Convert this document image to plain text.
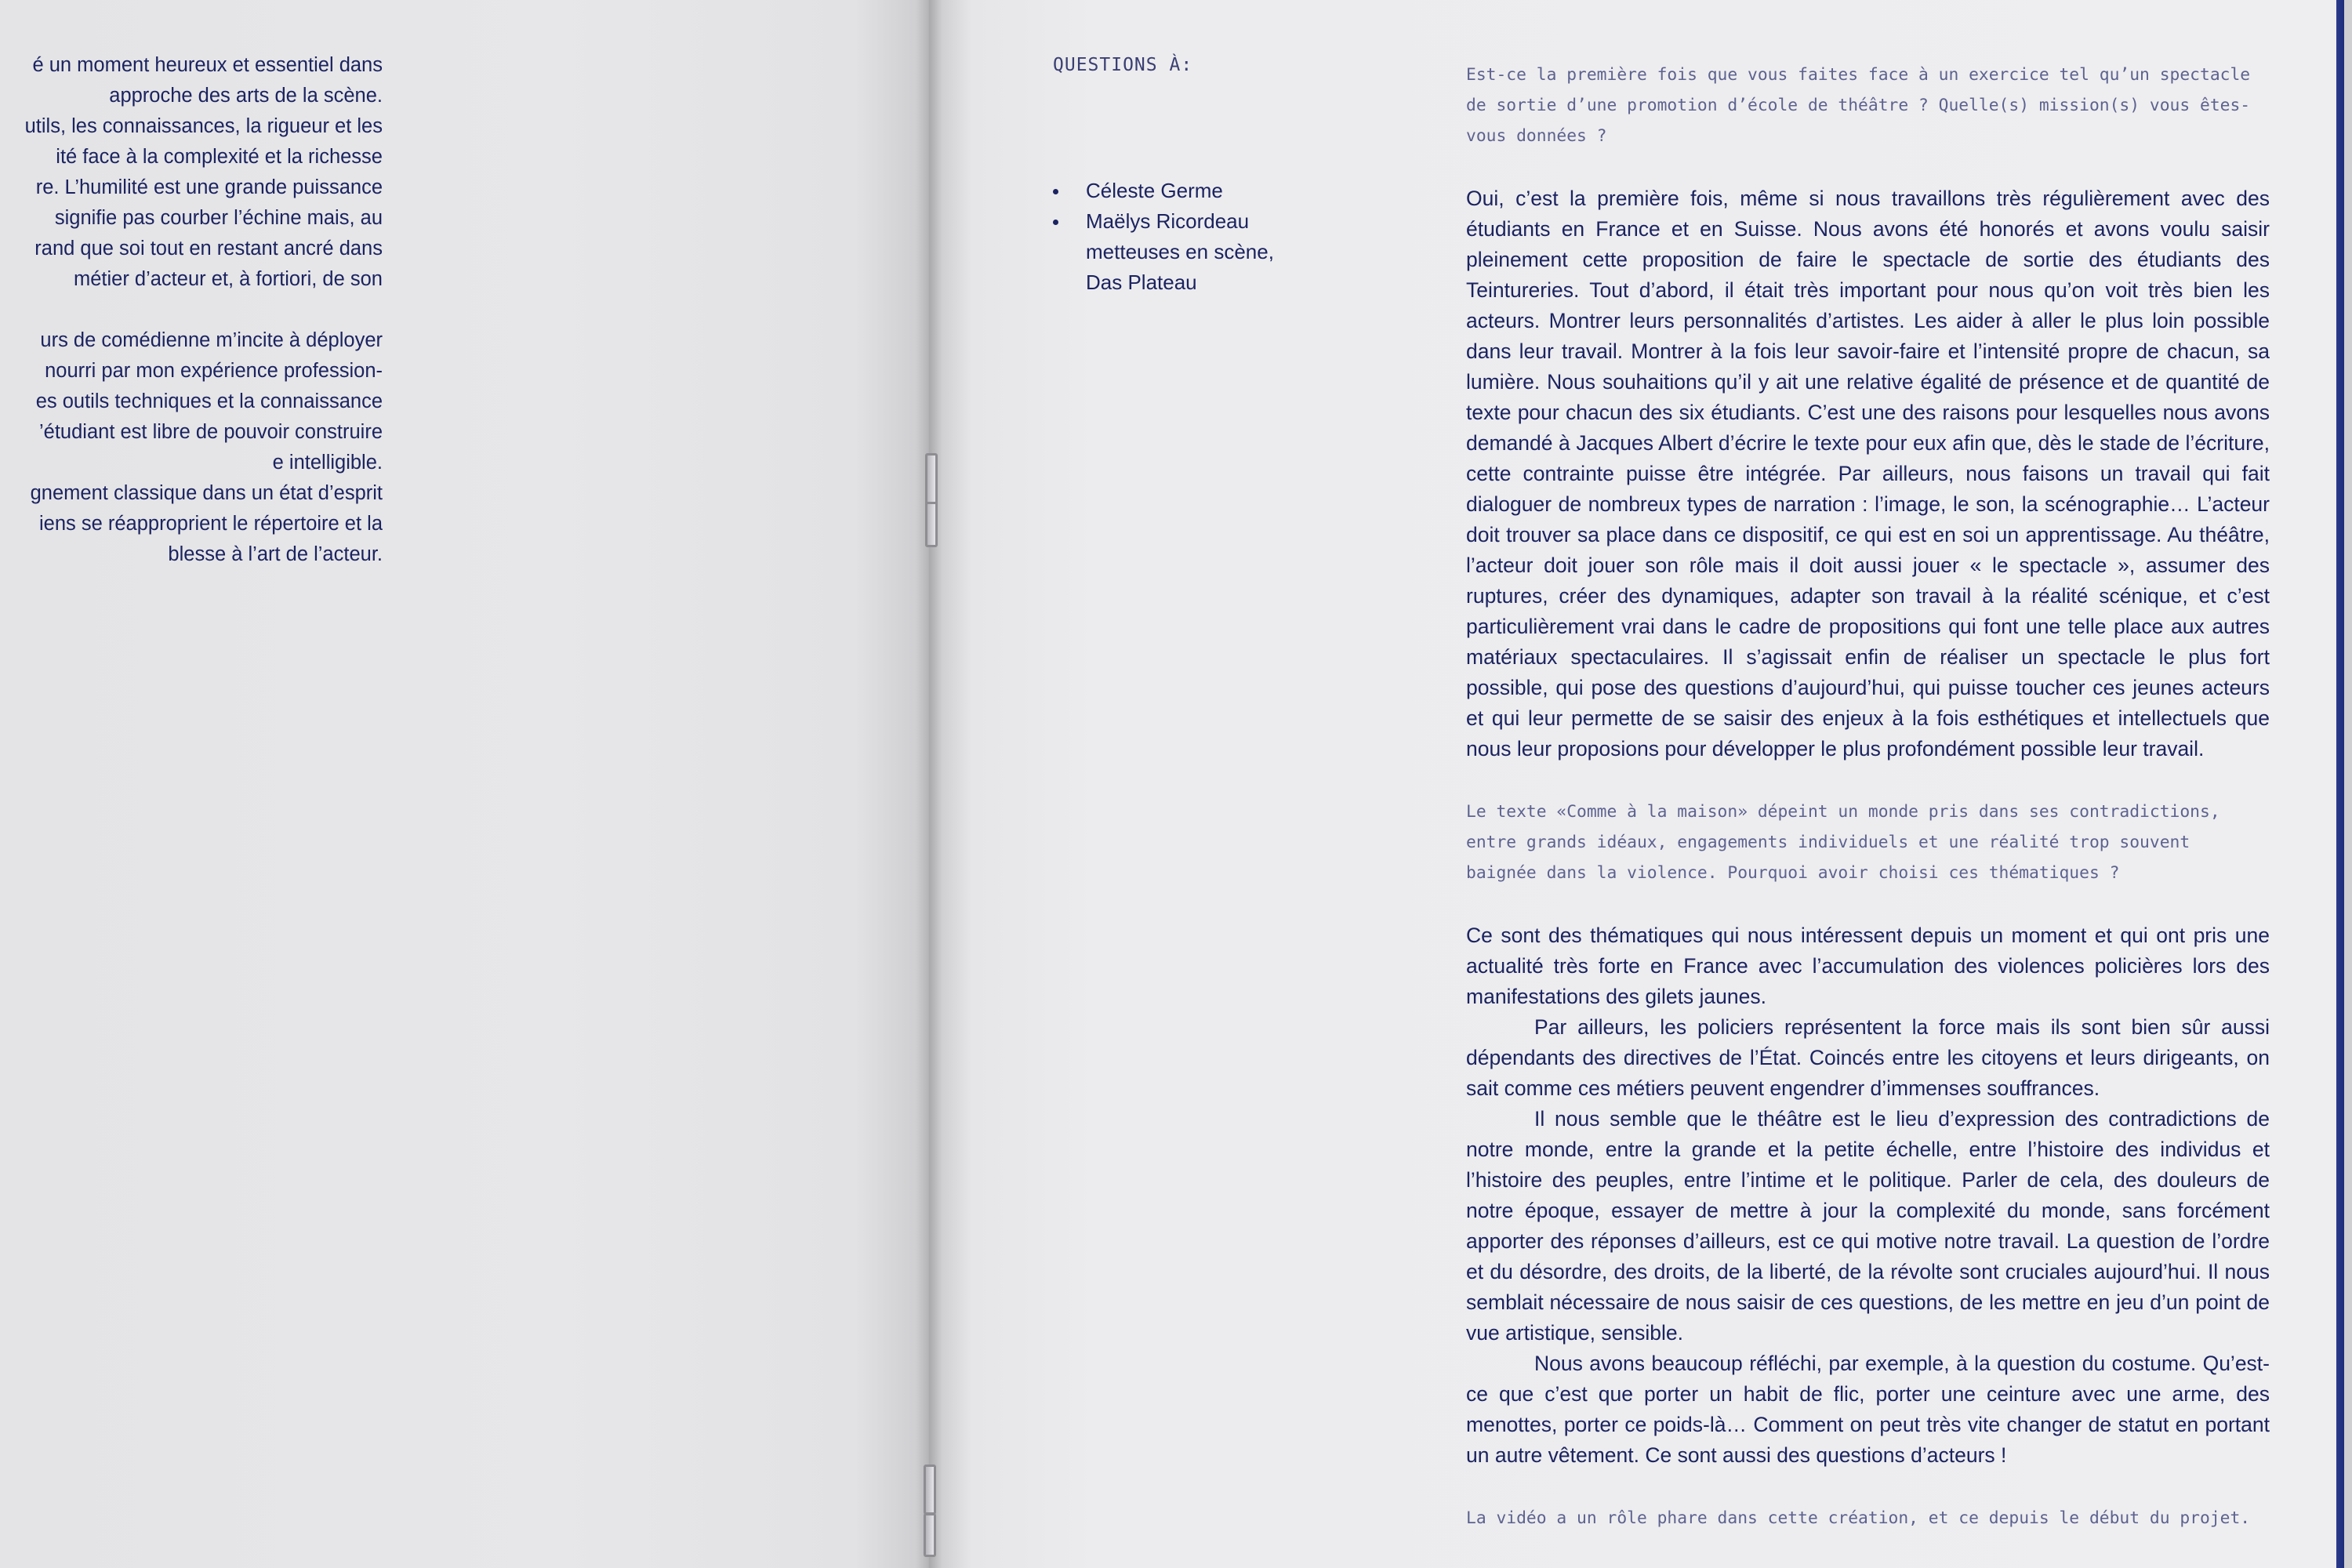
é un moment heureux et essentiel dans
approche des arts de la scène.
utils, les connaissances, la rigueur et les
ité face à la complexité et la richesse
re. L’humilité est une grande puissance
signifie pas courber l’échine mais, au
rand que soi tout en restant ancré dans
métier d’acteur et, à fortiori, de son
urs de comédienne m’incite à déployer
nourri par mon expérience profession-
es outils techniques et la connaissance
’étudiant est libre de pouvoir construire
e intelligible.
gnement classique dans un état d’esprit
iens se réapproprient le répertoire et la
blesse à l’art de l’acteur.
QUESTIONS À:
Céleste Germe
Maëlys Ricordeau
metteuses en scène,
Das Plateau

Est-ce la première fois que vous faites face à un exercice tel qu’un spectacle de sortie d’une promotion d’école de théâtre ? Quelle(s) mission(s) vous êtes-vous données ?

Oui, c’est la première fois, même si nous travaillons très régulièrement avec des étudiants en France et en Suisse. Nous avons été honorés et avons voulu saisir pleinement cette proposition de faire le spectacle de sortie des étudiants des Teintureries. Tout d’abord, il était très important pour nous qu’on voit très bien les acteurs. Montrer leurs personnalités d’artistes. Les aider à aller le plus loin possible dans leur travail. Montrer à la fois leur savoir-faire et l’intensité propre de chacun, sa lumière. Nous souhaitions qu’il y ait une relative égalité de présence et de quantité de texte pour chacun des six étudiants. C’est une des raisons pour lesquelles nous avons demandé à Jacques Albert d’écrire le texte pour eux afin que, dès le stade de l’écriture, cette contrainte puisse être intégrée. Par ailleurs, nous faisons un travail qui fait dialoguer de nombreux types de narration : l’image, le son, la scénographie… L’acteur doit trouver sa place dans ce dispositif, ce qui est en soi un apprentissage. Au théâtre, l’acteur doit jouer son rôle mais il doit aussi jouer « le spectacle », assumer des ruptures, créer des dynamiques, adapter son travail à la réalité scénique, et c’est particulièrement vrai dans le cadre de propositions qui font une telle place aux autres matériaux spectaculaires. Il s’agissait enfin de réaliser un spectacle le plus fort possible, qui pose des questions d’aujourd’hui, qui puisse toucher ces jeunes acteurs et qui leur permette de se saisir des enjeux à la fois esthétiques et intellectuels que nous leur proposions pour développer le plus profondément possible leur travail.

Le texte «Comme à la maison» dépeint un monde pris dans ses contradictions, entre grands idéaux, engagements individuels et une réalité trop souvent baignée dans la violence. Pourquoi avoir choisi ces thématiques ?

Ce sont des thématiques qui nous intéressent depuis un moment et qui ont pris une actualité très forte en France avec l’accumulation des violences policières lors des manifestations des gilets jaunes.

Par ailleurs, les policiers représentent la force mais ils sont bien sûr aussi dépendants des directives de l’État. Coincés entre les citoyens et leurs dirigeants, on sait comme ces métiers peuvent engendrer d’immenses souffrances.

Il nous semble que le théâtre est le lieu d’expression des contradictions de notre monde, entre la grande et la petite échelle, entre l’histoire des individus et l’histoire des peuples, entre l’intime et le politique. Parler de cela, des douleurs de notre époque, essayer de mettre à jour la complexité du monde, sans forcément apporter des réponses d’ailleurs, est ce qui motive notre travail. La question de l’ordre et du désordre, des droits, de la liberté, de la révolte sont cruciales aujourd’hui. Il nous semblait nécessaire de nous saisir de ces questions, de les mettre en jeu d’un point de vue artistique, sensible.

Nous avons beaucoup réfléchi, par exemple, à la question du costume. Qu’est-ce que c’est que porter un habit de flic, porter une ceinture avec une arme, des menottes, porter ce poids-là… Comment on peut très vite changer de statut en portant un autre vêtement. Ce sont aussi des questions d’acteurs !

La vidéo a un rôle phare dans cette création, et ce depuis le début du projet.
